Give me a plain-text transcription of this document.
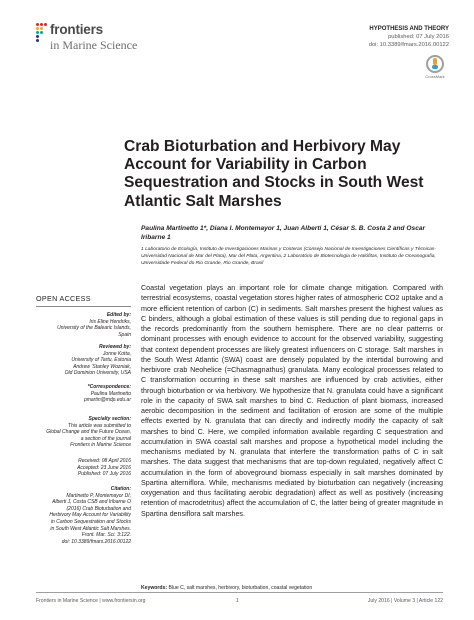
frontiers
in Marine Science
HYPOTHESIS AND THEORY
published: 07 July 2016
doi: 10.3389/fmars.2016.00122
CrossMark
Crab Bioturbation and Herbivory May Account for Variability in Carbon Sequestration and Stocks in South West Atlantic Salt Marshes
Paulina Martinetto 1*, Diana I. Montemayor 1, Juan Alberti 1, César S. B. Costa 2 and Oscar Iribarne 1
1 Laboratorio de Ecología, Instituto de Investigaciones Marinas y Costeras (Consejo Nacional de Investigaciones Científicas y Técnicas-Universidad Nacional de Mar del Plata), Mar del Plata, Argentina, 2 Laboratório de Biotecnologia de Halófitas, Instituto de Oceanografia, Universidade Federal do Rio Grande, Rio Grande, Brasil
OPEN ACCESS
Edited by:
Iris Eline Hendriks,
University of the Balearic Islands,
Spain
Reviewed by:
Jonne Kotta,
University of Tartu, Estonia
Andrew 'Stanley Wozniak,
Old Dominion University, USA
*Correspondence:
Paulina Martinetto
pmartin@mdp.edu.ar
Specialty section:
This article was submitted to
Global Change and the Future Ocean,
a section of the journal
Frontiers in Marine Science
Received: 08 April 2016
Accepted: 23 June 2016
Published: 07 July 2016
Citation:
Martinetto P, Montemayor DI,
Alberti J, Costa CSB and Iribarne O
(2016) Crab Bioturbation and
Herbivory May Account for Variability
in Carbon Sequestration and Stocks
in South West Atlantic Salt Marshes.
Front. Mar. Sci. 3:122.
doi: 10.3389/fmars.2016.00122

Coastal vegetation plays an important role for climate change mitigation. Compared with terrestrial ecosystems, coastal vegetation stores higher rates of atmospheric CO2 uptake and a more efficient retention of carbon (C) in sediments. Salt marshes present the highest values as C binders, although a global estimation of these values is still pending due to regional gaps in the records predominantly from the southern hemisphere. There are no clear patterns or dominant processes with enough evidence to account for the observed variability, suggesting that context dependent processes are likely greatest influencers on C storage. Salt marshes in the South West Atlantic (SWA) coast are densely populated by the intertidal burrowing and herbivore crab Neohelice (=Chasmagnathus) granulata. Many ecological processes related to C transformation occurring in these salt marshes are influenced by crab activities, either through bioturbation or via herbivory. We hypothesize that N. granulata could have a significant role in the capacity of SWA salt marshes to bind C. Reduction of plant biomass, increased aerobic decomposition in the sediment and facilitation of erosion are some of the multiple effects exerted by N. granulata that can directly and indirectly modify the capacity of salt marshes to bind C. Here, we compiled information available regarding C sequestration and accumulation in SWA coastal salt marshes and propose a hypothetical model including the mechanisms mediated by N. granulata that interfere the transformation paths of C in salt marshes. The data suggest that mechanisms that are top-down regulated, negatively affect C accumulation in the form of aboveground biomass especially in salt marshes dominated by Spartina alterniflora. While, mechanisms mediated by bioturbation can negatively (increasing oxygenation and thus facilitating aerobic degradation) affect as well as positively (increasing retention of macrodetritus) affect the accumulation of C, the latter being of greater magnitude in Spartina densiflora salt marshes.

Keywords: Blue C, salt marshes, herbivory, bioturbation, coastal vegetation
Frontiers in Marine Science | www.frontiersin.org	1	July 2016 | Volume 3 | Article 122
